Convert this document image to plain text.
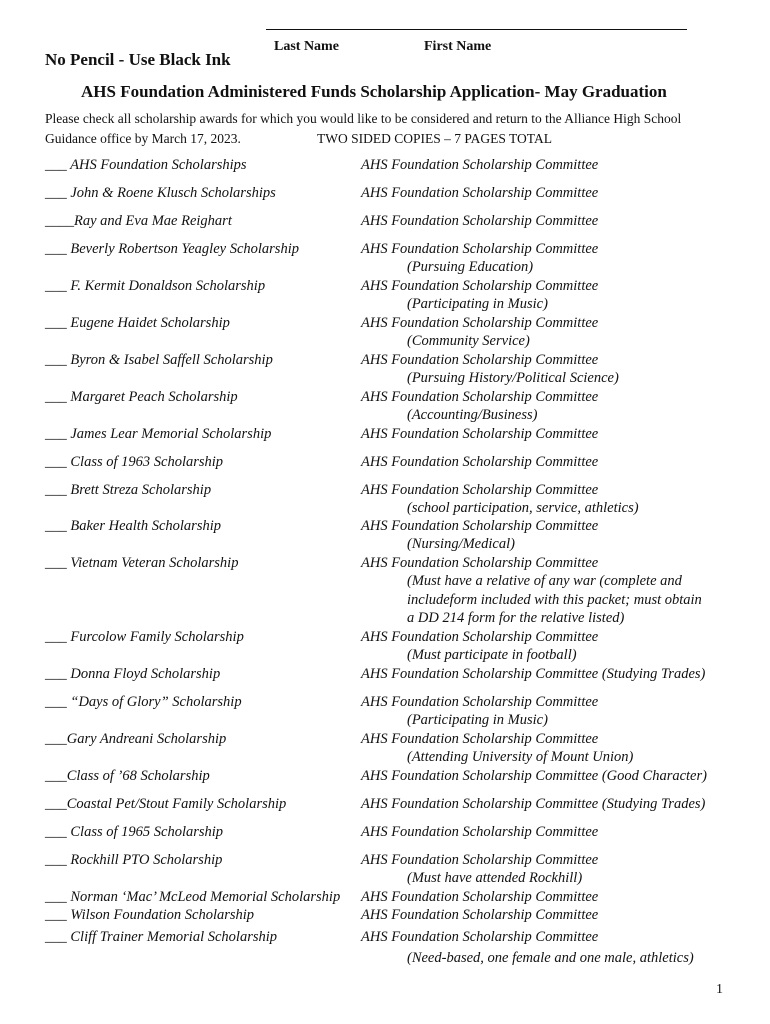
Last Name	First Name
No Pencil - Use Black Ink
AHS Foundation Administered Funds Scholarship Application- May Graduation
Please check all scholarship awards for which you would like to be considered and return to the Alliance High School
Guidance office by March 17, 2023.	TWO SIDED COPIES – 7 PAGES TOTAL
___ AHS Foundation Scholarships	AHS Foundation Scholarship Committee
___ John & Roene Klusch Scholarships	AHS Foundation Scholarship Committee
____Ray and Eva Mae Reighart	AHS Foundation Scholarship Committee
___ Beverly Robertson Yeagley Scholarship	AHS Foundation Scholarship Committee
(Pursuing Education)
___ F. Kermit Donaldson Scholarship	AHS Foundation Scholarship Committee
(Participating in Music)
___ Eugene Haidet Scholarship	AHS Foundation Scholarship Committee
(Community Service)
___ Byron & Isabel Saffell Scholarship	AHS Foundation Scholarship Committee
(Pursuing History/Political Science)
___ Margaret Peach Scholarship	AHS Foundation Scholarship Committee
(Accounting/Business)
___ James Lear Memorial Scholarship	AHS Foundation Scholarship Committee
___ Class of 1963 Scholarship	AHS Foundation Scholarship Committee
___ Brett Streza Scholarship	AHS Foundation Scholarship Committee
(school participation, service, athletics)
___ Baker Health Scholarship	AHS Foundation Scholarship Committee
(Nursing/Medical)
___ Vietnam Veteran Scholarship	AHS Foundation Scholarship Committee
(Must have a relative of any war (complete and
includeform included with this packet; must obtain
a DD 214 form for the relative listed)
___ Furcolow Family Scholarship	AHS Foundation Scholarship Committee
(Must participate in football)
___ Donna Floyd Scholarship	AHS Foundation Scholarship Committee (Studying Trades)
___ “Days of Glory” Scholarship	AHS Foundation Scholarship Committee
(Participating in Music)
___Gary Andreani Scholarship	AHS Foundation Scholarship Committee
(Attending University of Mount Union)
___Class of ’68 Scholarship	AHS Foundation Scholarship Committee (Good Character)
___Coastal Pet/Stout Family Scholarship	AHS Foundation Scholarship Committee (Studying Trades)
___ Class of 1965 Scholarship	AHS Foundation Scholarship Committee
___ Rockhill PTO Scholarship	AHS Foundation Scholarship Committee
(Must have attended Rockhill)
___ Norman ‘Mac’ McLeod Memorial Scholarship AHS Foundation Scholarship Committee
___ Wilson Foundation Scholarship	AHS Foundation Scholarship Committee
___ Cliff Trainer Memorial Scholarship	AHS Foundation Scholarship Committee
(Need-based, one female and one male, athletics)
1
